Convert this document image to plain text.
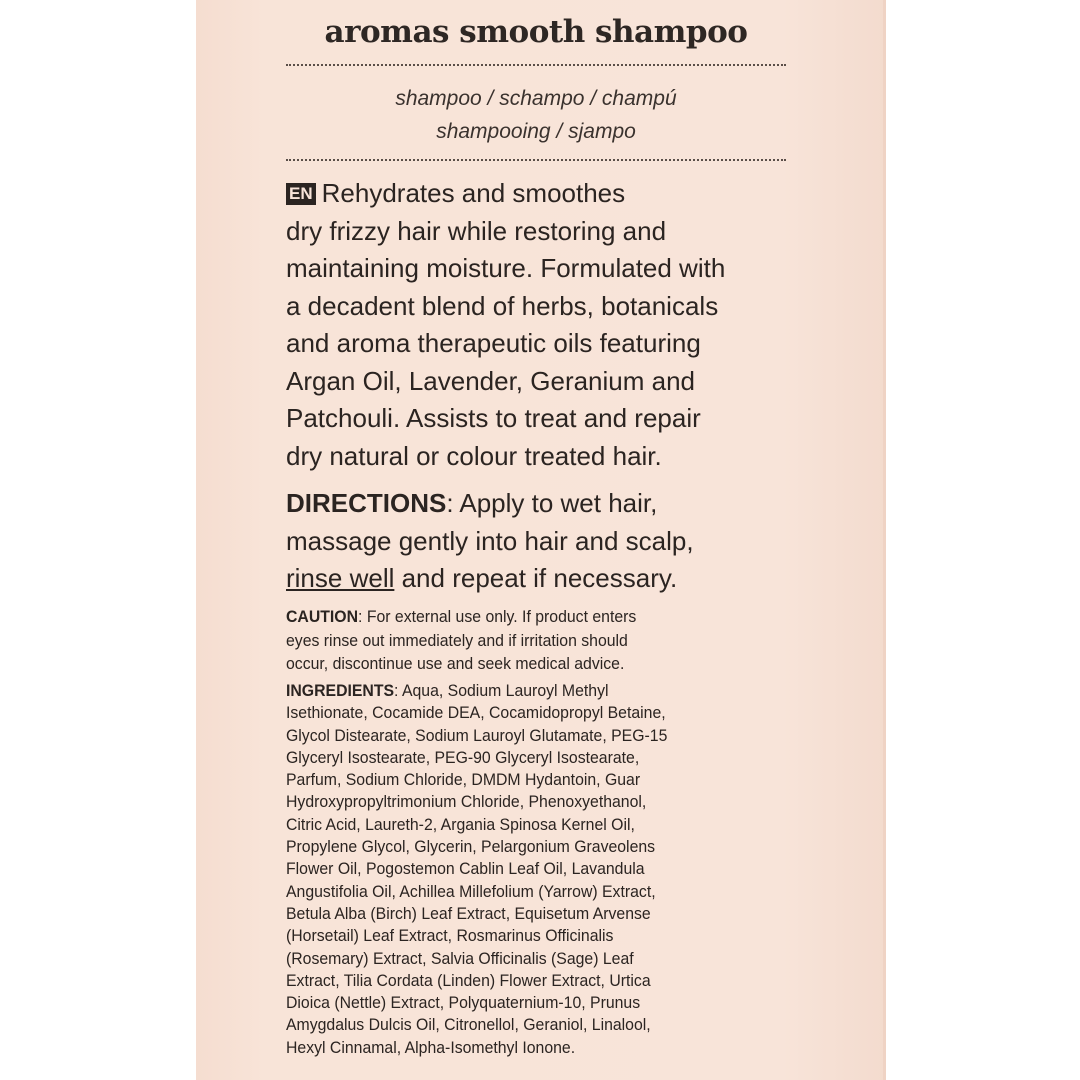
aromas smooth shampoo
shampoo / schampo / champú
shampooing / sjampo
EN Rehydrates and smoothes
dry frizzy hair while restoring and
maintaining moisture. Formulated with
a decadent blend of herbs, botanicals
and aroma therapeutic oils featuring
Argan Oil, Lavender, Geranium and
Patchouli. Assists to treat and repair
dry natural or colour treated hair.
DIRECTIONS: Apply to wet hair,
massage gently into hair and scalp,
rinse well and repeat if necessary.
CAUTION: For external use only. If product enters
eyes rinse out immediately and if irritation should
occur, discontinue use and seek medical advice.
INGREDIENTS: Aqua, Sodium Lauroyl Methyl
Isethionate, Cocamide DEA, Cocamidopropyl Betaine,
Glycol Distearate, Sodium Lauroyl Glutamate, PEG-15
Glyceryl Isostearate, PEG-90 Glyceryl Isostearate,
Parfum, Sodium Chloride, DMDM Hydantoin, Guar
Hydroxypropyltrimonium Chloride, Phenoxyethanol,
Citric Acid, Laureth-2, Argania Spinosa Kernel Oil,
Propylene Glycol, Glycerin, Pelargonium Graveolens
Flower Oil, Pogostemon Cablin Leaf Oil, Lavandula
Angustifolia Oil, Achillea Millefolium (Yarrow) Extract,
Betula Alba (Birch) Leaf Extract, Equisetum Arvense
(Horsetail) Leaf Extract, Rosmarinus Officinalis
(Rosemary) Extract, Salvia Officinalis (Sage) Leaf
Extract, Tilia Cordata (Linden) Flower Extract, Urtica
Dioica (Nettle) Extract, Polyquaternium-10, Prunus
Amygdalus Dulcis Oil, Citronellol, Geraniol, Linalool,
Hexyl Cinnamal, Alpha-Isomethyl Ionone.
